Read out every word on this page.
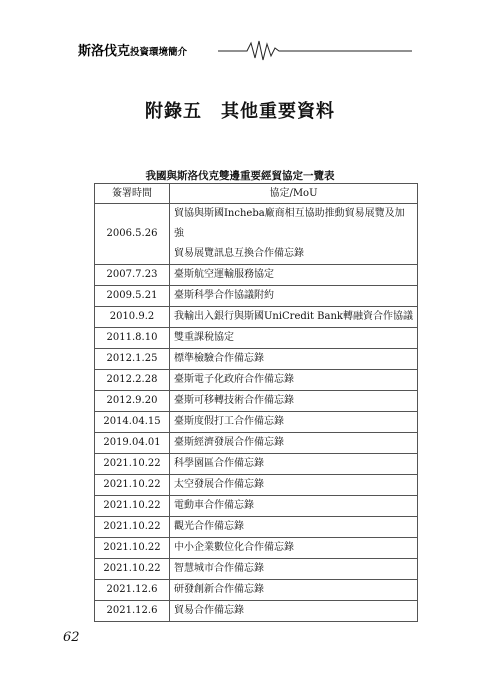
斯洛伐克投資環境簡介
附錄五　其他重要資料
我國與斯洛伐克雙邊重要經貿協定一覽表
簽署時間	協定/MoU
2006.5.26	貿協與斯國Incheba廠商相互協助推動貿易展覽及加強
貿易展覽訊息互換合作備忘錄

2007.7.23	臺斯航空運輸服務協定
2009.5.21	臺斯科學合作協議附約
2010.9.2	我輸出入銀行與斯國UniCredit Bank轉融資合作協議
2011.8.10	雙重課稅協定
2012.1.25	標準檢驗合作備忘錄
2012.2.28	臺斯電子化政府合作備忘錄
2012.9.20	臺斯可移轉技術合作備忘錄
2014.04.15	臺斯度假打工合作備忘錄
2019.04.01	臺斯經濟發展合作備忘錄
2021.10.22	科學園區合作備忘錄
2021.10.22	太空發展合作備忘錄
2021.10.22	電動車合作備忘錄
2021.10.22	觀光合作備忘錄
2021.10.22	中小企業數位化合作備忘錄
2021.10.22	智慧城市合作備忘錄
2021.12.6	研發創新合作備忘錄
2021.12.6	貿易合作備忘錄
62
